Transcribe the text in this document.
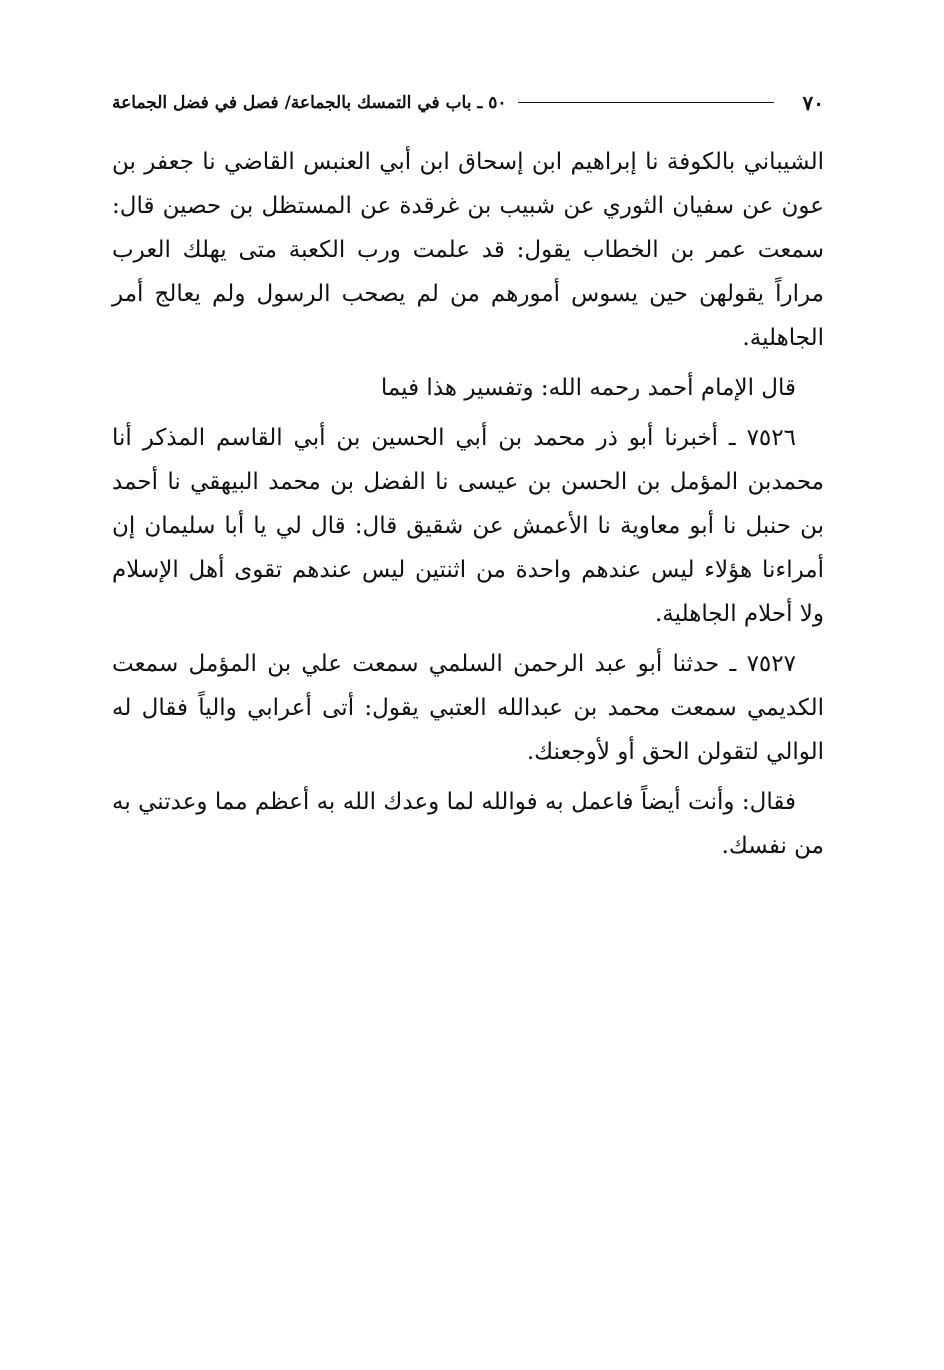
٧٠
٥٠ ـ باب في التمسك بالجماعة/ فصل في فضل الجماعة

الشيباني بالكوفة نا إبراهيم ابن إسحاق ابن أبي العنبس القاضي نا جعفر بن عون عن سفيان الثوري عن شبيب بن غرقدة عن المستظل بن حصين قال: سمعت عمر بن الخطاب يقول: قد علمت ورب الكعبة متى يهلك العرب مراراً يقولهن حين يسوس أمورهم من لم يصحب الرسول ولم يعالج أمر الجاهلية.

قال الإمام أحمد رحمه الله: وتفسير هذا فيما

٧٥٢٦ ـ أخبرنا أبو ذر محمد بن أبي الحسين بن أبي القاسم المذكر أنا محمدبن المؤمل بن الحسن بن عيسى نا الفضل بن محمد البيهقي نا أحمد بن حنبل نا أبو معاوية نا الأعمش عن شقيق قال: قال لي يا أبا سليمان إن أمراءنا هؤلاء ليس عندهم واحدة من اثنتين ليس عندهم تقوى أهل الإسلام ولا أحلام الجاهلية.

٧٥٢٧ ـ حدثنا أبو عبد الرحمن السلمي سمعت علي بن المؤمل سمعت الكديمي سمعت محمد بن عبدالله العتبي يقول: أتى أعرابي والياً فقال له الوالي لتقولن الحق أو لأوجعنك.

فقال: وأنت أيضاً فاعمل به فوالله لما وعدك الله به أعظم مما وعدتني به من نفسك.
